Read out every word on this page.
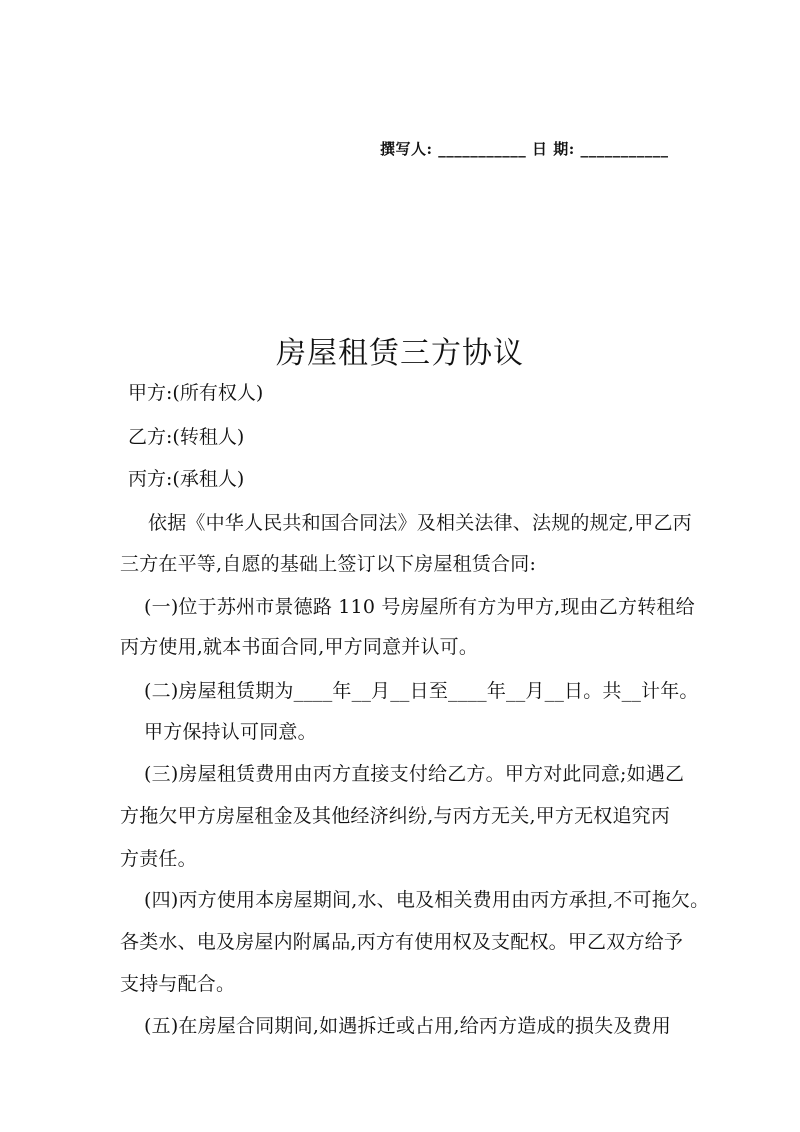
撰写人: ___________ 日 期: ___________
房屋租赁三方协议
甲方:(所有权人)
乙方:(转租人)
丙方:(承租人)
依据《中华人民共和国合同法》及相关法律、法规的规定,甲乙丙
三方在平等,自愿的基础上签订以下房屋租赁合同:
(一)位于苏州市景德路 110 号房屋所有方为甲方,现由乙方转租给
丙方使用,就本书面合同,甲方同意并认可。
(二)房屋租赁期为____年__月__日至____年__月__日。共__计年。
甲方保持认可同意。
(三)房屋租赁费用由丙方直接支付给乙方。甲方对此同意;如遇乙
方拖欠甲方房屋租金及其他经济纠纷,与丙方无关,甲方无权追究丙
方责任。
(四)丙方使用本房屋期间,水、电及相关费用由丙方承担,不可拖欠。
各类水、电及房屋内附属品,丙方有使用权及支配权。甲乙双方给予
支持与配合。
(五)在房屋合同期间,如遇拆迁或占用,给丙方造成的损失及费用
